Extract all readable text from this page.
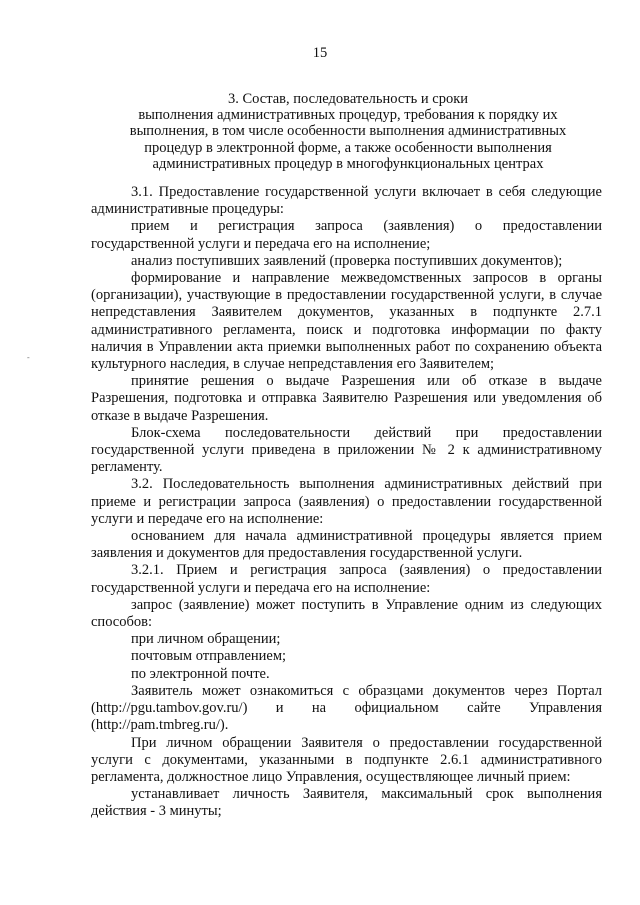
15
3. Состав, последовательность и сроки
выполнения административных процедур, требования к порядку их
выполнения, в том числе особенности выполнения административных
процедур в электронной форме, а также особенности выполнения
административных процедур в многофункциональных центрах

3.1. Предоставление государственной услуги включает в себя следующие административные процедуры:

прием и регистрация запроса (заявления) о предоставлении государственной услуги и передача его на исполнение;

анализ поступивших заявлений (проверка поступивших документов);

формирование и направление межведомственных запросов в органы (организации), участвующие в предоставлении государственной услуги, в случае непредставления Заявителем документов, указанных в подпункте 2.7.1 административного регламента, поиск и подготовка информации по факту наличия в Управлении акта приемки выполненных работ по сохранению объекта культурного наследия, в случае непредставления его Заявителем;

принятие решения о выдаче Разрешения или об отказе в выдаче Разрешения, подготовка и отправка Заявителю Разрешения или уведомления об отказе в выдаче Разрешения.

Блок-схема последовательности действий при предоставлении государственной услуги приведена в приложении № 2 к административному регламенту.

3.2. Последовательность выполнения административных действий при приеме и регистрации запроса (заявления) о предоставлении государственной услуги и передаче его на исполнение:

основанием для начала административной процедуры является прием заявления и документов для предоставления государственной услуги.

3.2.1. Прием и регистрация запроса (заявления) о предоставлении государственной услуги и передача его на исполнение:

запрос (заявление) может поступить в Управление одним из следующих способов:

при личном обращении;

почтовым отправлением;

по электронной почте.

Заявитель может ознакомиться с образцами документов через Портал (http://pgu.tambov.gov.ru/) и на официальном сайте Управления (http://pam.tmbreg.ru/).

При личном обращении Заявителя о предоставлении государственной услуги с документами, указанными в подпункте 2.6.1 административного регламента, должностное лицо Управления, осуществляющее личный прием:

устанавливает личность Заявителя, максимальный срок выполнения действия - 3 минуты;

-
